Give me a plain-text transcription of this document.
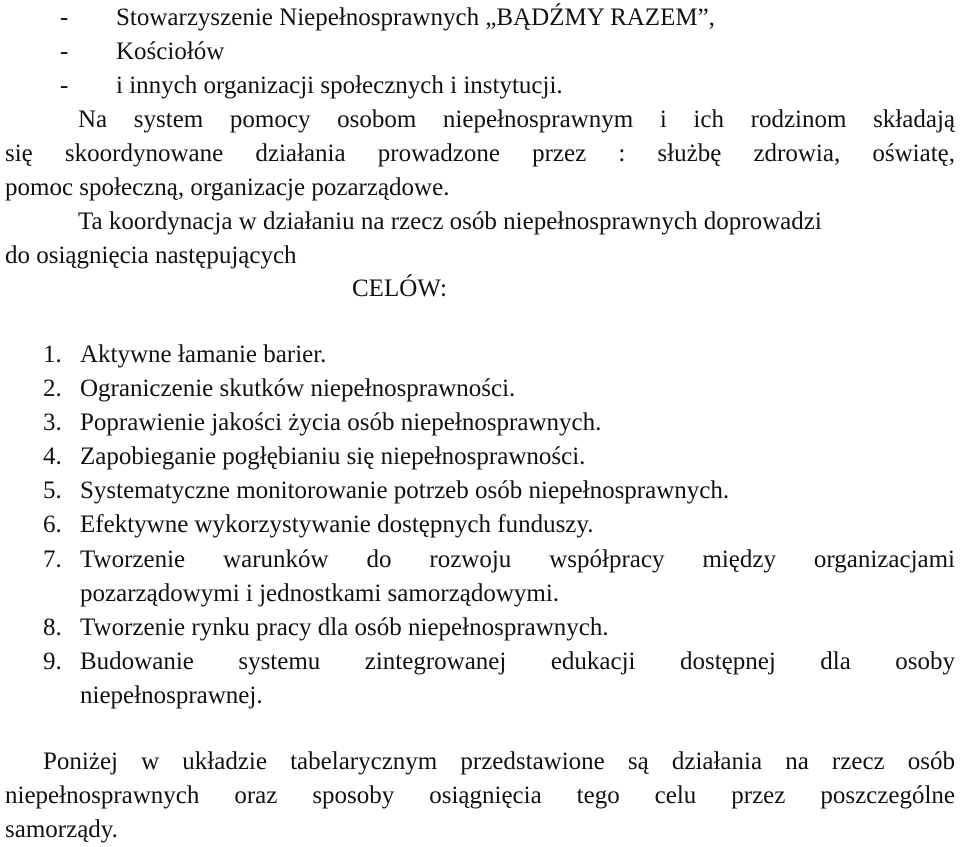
- Stowarzyszenie Niepełnosprawnych „BĄDŹMY RAZEM”,
- Kościołów
- i innych organizacji społecznych i instytucji.
Na system pomocy osobom niepełnosprawnym i ich rodzinom składają
się skoordynowane działania prowadzone przez : służbę zdrowia, oświatę,
pomoc społeczną, organizacje pozarządowe.
Ta koordynacja w działaniu na rzecz osób niepełnosprawnych doprowadzi
do osiągnięcia następujących
CELÓW:
1. Aktywne łamanie barier.
2. Ograniczenie skutków niepełnosprawności.
3. Poprawienie jakości życia osób niepełnosprawnych.
4. Zapobieganie pogłębianiu się niepełnosprawności.
5. Systematyczne monitorowanie potrzeb osób niepełnosprawnych.
6. Efektywne wykorzystywanie dostępnych funduszy.
7. Tworzenie warunków do rozwoju współpracy między organizacjami
pozarządowymi i jednostkami samorządowymi.
8. Tworzenie rynku pracy dla osób niepełnosprawnych.
9. Budowanie systemu zintegrowanej edukacji dostępnej dla osoby
niepełnosprawnej.
Poniżej w układzie tabelarycznym przedstawione są działania na rzecz osób
niepełnosprawnych oraz sposoby osiągnięcia tego celu przez poszczególne
samorządy.
